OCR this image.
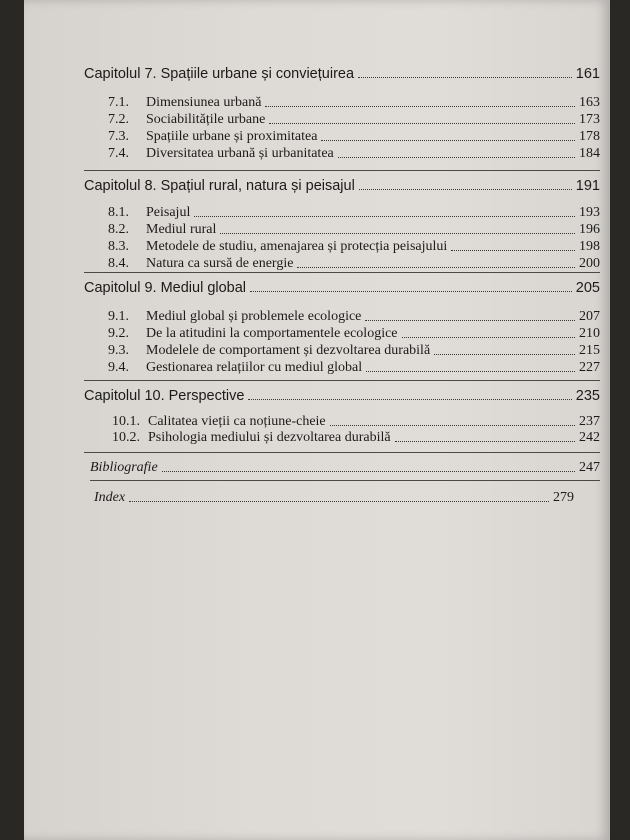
Capitolul 7. Spațiile urbane și conviețuirea	161
7.1.	Dimensiunea urbană	163
7.2.	Sociabilitățile urbane	173
7.3.	Spațiile urbane și proximitatea	178
7.4.	Diversitatea urbană și urbanitatea	184
Capitolul 8. Spațiul rural, natura și peisajul	191
8.1.	Peisajul	193
8.2.	Mediul rural	196
8.3.	Metodele de studiu, amenajarea și protecția peisajului	198
8.4.	Natura ca sursă de energie	200
Capitolul 9. Mediul global	205
9.1.	Mediul global și problemele ecologice	207
9.2.	De la atitudini la comportamentele ecologice	210
9.3.	Modelele de comportament și dezvoltarea durabilă	215
9.4.	Gestionarea relațiilor cu mediul global	227
Capitolul 10. Perspective	235
10.1. Calitatea vieții ca noțiune-cheie	237
10.2. Psihologia mediului și dezvoltarea durabilă	242
Bibliografie	247
Index	279
